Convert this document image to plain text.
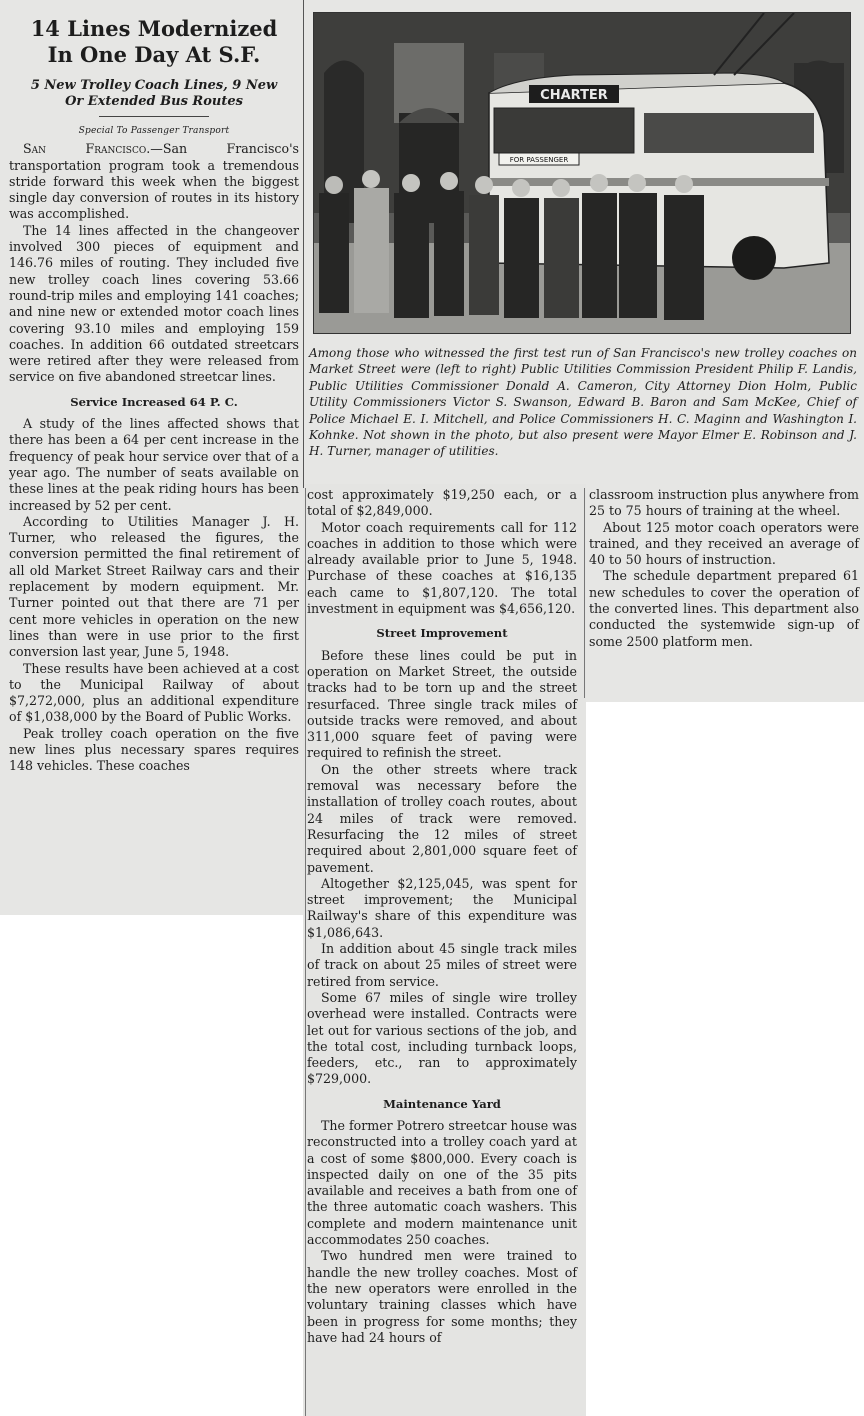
14 Lines Modernized
In One Day At S.F.
5 New Trolley Coach Lines, 9 New
Or Extended Bus Routes
Special To Passenger Transport

San Francisco.—San Francisco's transportation program took a tremendous stride forward this week when the biggest single day conversion of routes in its history was accomplished.

The 14 lines affected in the changeover involved 300 pieces of equipment and 146.76 miles of routing. They included five new trolley coach lines covering 53.66 round-trip miles and employing 141 coaches; and nine new or extended motor coach lines covering 93.10 miles and employing 159 coaches. In addition 66 outdated streetcars were retired after they were released from service on five abandoned streetcar lines.

Service Increased 64 P. C.

A study of the lines affected shows that there has been a 64 per cent increase in the frequency of peak hour service over that of a year ago. The number of seats available on these lines at the peak riding hours has been increased by 52 per cent.

According to Utilities Manager J. H. Turner, who released the figures, the conversion permitted the final retirement of all old Market Street Railway cars and their replacement by modern equipment. Mr. Turner pointed out that there are 71 per cent more vehicles in operation on the new lines than were in use prior to the first conversion last year, June 5, 1948.

These results have been achieved at a cost to the Municipal Railway of about $7,272,000, plus an additional expenditure of $1,038,000 by the Board of Public Works.

Peak trolley coach operation on the five new lines plus necessary spares requires 148 vehicles. These coaches

CHARTER
FOR PASSENGER
Among those who witnessed the first test run of San Francisco's new trolley coaches on Market Street were (left to right) Public Utilities Commission President Philip F. Landis, Public Utilities Commissioner Donald A. Cameron, City Attorney Dion Holm, Public Utility Commissioners Victor S. Swanson, Edward B. Baron and Sam McKee, Chief of Police Michael E. I. Mitchell, and Police Commissioners H. C. Maginn and Washington I. Kohnke. Not shown in the photo, but also present were Mayor Elmer E. Robinson and J. H. Turner, manager of utilities.

cost approximately $19,250 each, or a total of $2,849,000.

Motor coach requirements call for 112 coaches in addition to those which were already available prior to June 5, 1948. Purchase of these coaches at $16,135 each came to $1,807,120. The total investment in equipment was $4,656,120.

Street Improvement

Before these lines could be put in operation on Market Street, the outside tracks had to be torn up and the street resurfaced. Three single track miles of outside tracks were removed, and about 311,000 square feet of paving were required to refinish the street.

On the other streets where track removal was necessary before the installation of trolley coach routes, about 24 miles of track were removed. Resurfacing the 12 miles of street required about 2,801,000 square feet of pavement.

Altogether $2,125,045, was spent for street improvement; the Municipal Railway's share of this expenditure was $1,086,643.

In addition about 45 single track miles of track on about 25 miles of street were retired from service.

Some 67 miles of single wire trolley overhead were installed. Contracts were let out for various sections of the job, and the total cost, including turnback loops, feeders, etc., ran to approximately $729,000.

Maintenance Yard

The former Potrero streetcar house was reconstructed into a trolley coach yard at a cost of some $800,000. Every coach is inspected daily on one of the 35 pits available and receives a bath from one of the three automatic coach washers. This complete and modern maintenance unit accommodates 250 coaches.

Two hundred men were trained to handle the new trolley coaches. Most of the new operators were enrolled in the voluntary training classes which have been in progress for some months; they have had 24 hours of

classroom instruction plus anywhere from 25 to 75 hours of training at the wheel.

About 125 motor coach operators were trained, and they received an average of 40 to 50 hours of instruction.

The schedule department prepared 61 new schedules to cover the operation of the converted lines. This department also conducted the systemwide sign-up of some 2500 platform men.
